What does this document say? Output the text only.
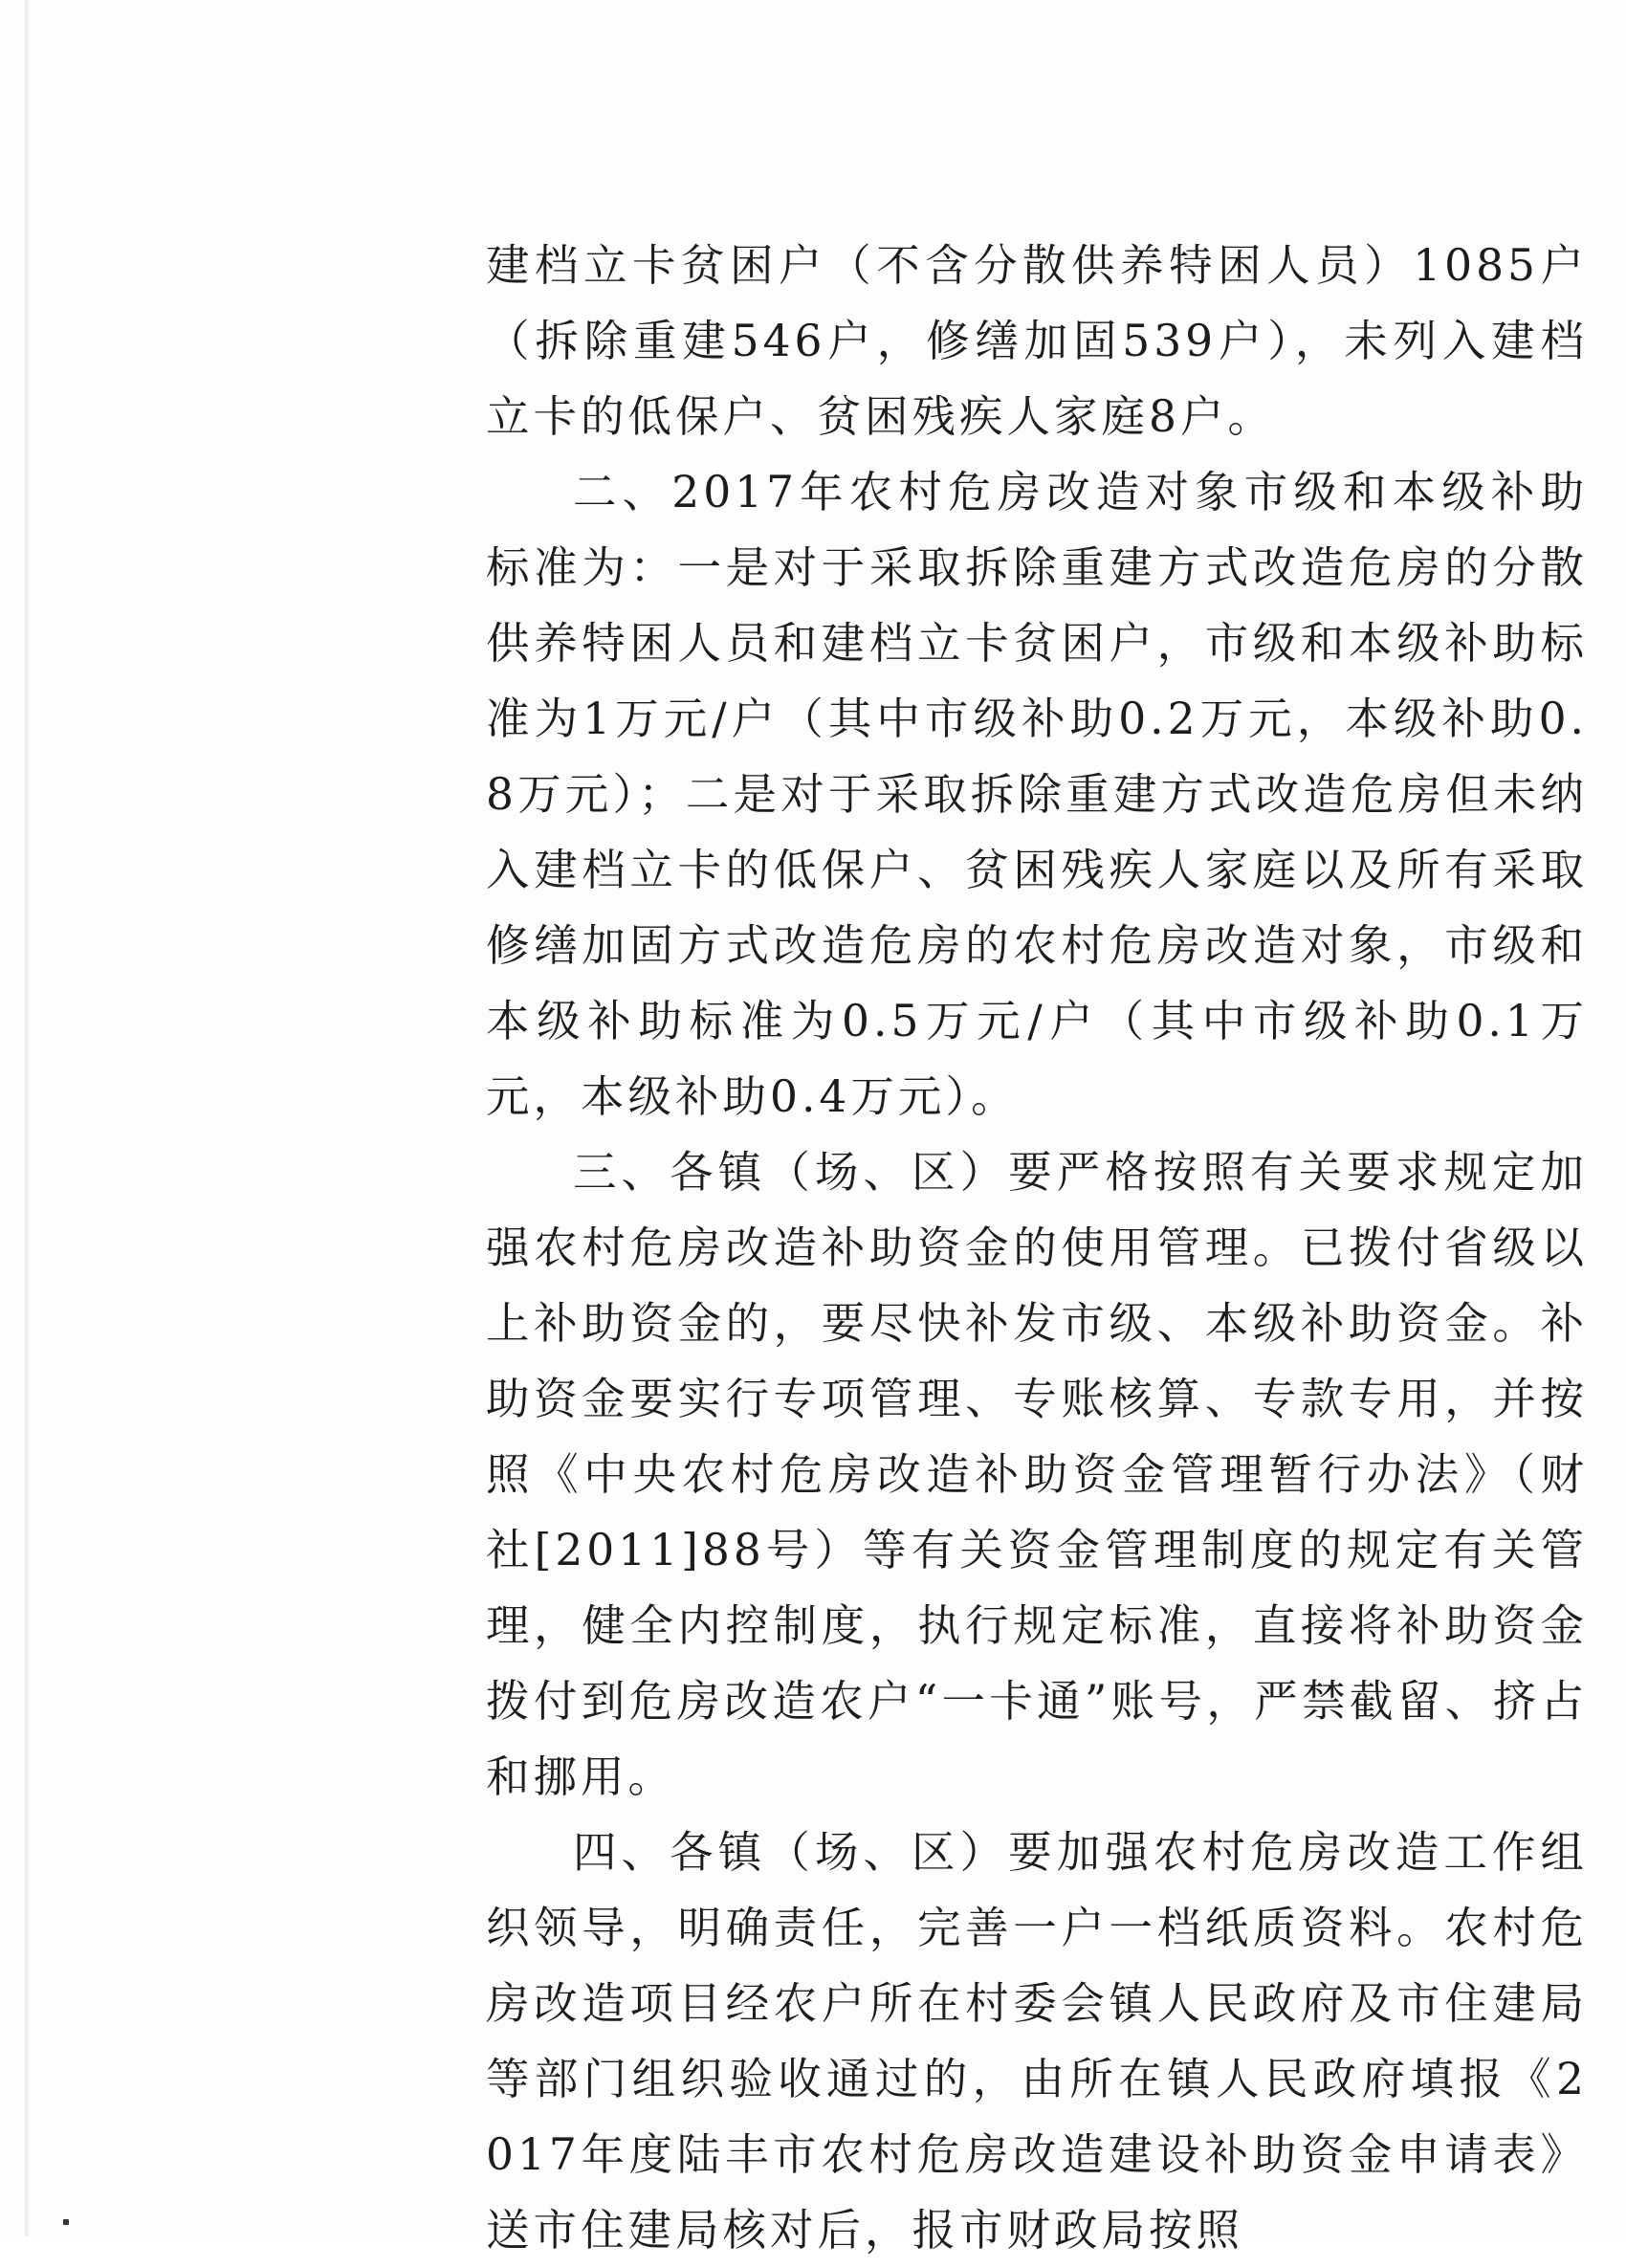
建档立卡贫困户（不含分散供养特困人员）1085户（拆除重建546户，修缮加固539户），未列入建档立卡的低保户、贫困残疾人家庭8户。

二、2017年农村危房改造对象市级和本级补助标准为：一是对于采取拆除重建方式改造危房的分散供养特困人员和建档立卡贫困户，市级和本级补助标准为1万元/户（其中市级补助0.2万元，本级补助0.8万元）；二是对于采取拆除重建方式改造危房但未纳入建档立卡的低保户、贫困残疾人家庭以及所有采取修缮加固方式改造危房的农村危房改造对象，市级和本级补助标准为0.5万元/户（其中市级补助0.1万元，本级补助0.4万元）。

三、各镇（场、区）要严格按照有关要求规定加强农村危房改造补助资金的使用管理。已拨付省级以上补助资金的，要尽快补发市级、本级补助资金。补助资金要实行专项管理、专账核算、专款专用，并按照《中央农村危房改造补助资金管理暂行办法》（财社[2011]88号）等有关资金管理制度的规定有关管理，健全内控制度，执行规定标准，直接将补助资金拨付到危房改造农户“一卡通”账号，严禁截留、挤占和挪用。

四、各镇（场、区）要加强农村危房改造工作组织领导，明确责任，完善一户一档纸质资料。农村危房改造项目经农户所在村委会镇人民政府及市住建局等部门组织验收通过的，由所在镇人民政府填报《2017年度陆丰市农村危房改造建设补助资金申请表》送市住建局核对后，报市财政局按照
